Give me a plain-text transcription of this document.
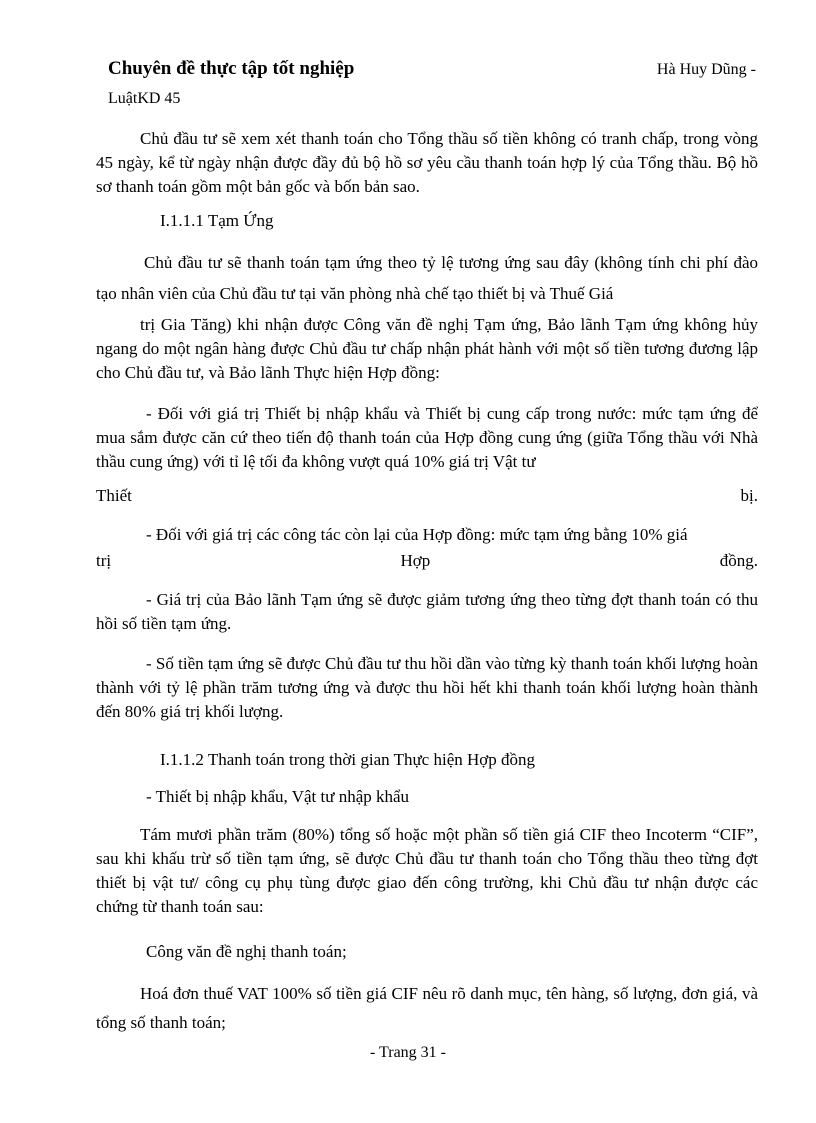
Chuyên đề thực tập tốt nghiệp	Hà Huy Dũng -
LuậtKD 45
Chủ đầu tư sẽ xem xét thanh toán cho Tổng thầu số tiền không có tranh chấp, trong vòng 45 ngày, kể từ ngày nhận được đầy đủ bộ hồ sơ yêu cầu thanh toán hợp lý của Tổng thầu. Bộ hồ sơ thanh toán gồm một bản gốc và bốn bản sao.
I.1.1.1 Tạm Ứng
Chủ đầu tư sẽ thanh toán tạm ứng theo tỷ lệ tương ứng sau đây (không tính chi phí đào tạo nhân viên của Chủ đầu tư tại văn phòng nhà chế tạo thiết bị và Thuế Giá
trị Gia Tăng) khi nhận được Công văn đề nghị Tạm ứng, Bảo lãnh Tạm ứng không hủy ngang do một ngân hàng được Chủ đầu tư chấp nhận phát hành với một số tiền tương đương lập cho Chủ đầu tư, và Bảo lãnh Thực hiện Hợp đồng:
- Đối với giá trị Thiết bị nhập khẩu và Thiết bị cung cấp trong nước: mức tạm ứng để mua sắm được căn cứ theo tiến độ thanh toán của Hợp đồng cung ứng (giữa Tổng thầu với Nhà thầu cung ứng) với tỉ lệ tối đa không vượt quá 10% giá trị Vật tư
Thiết	bị.
- Đối với giá trị các công tác còn lại của Hợp đồng: mức tạm ứng bằng 10% giá
trị	Hợp	đồng.
- Giá trị của Bảo lãnh Tạm ứng sẽ được giảm tương ứng theo từng đợt thanh toán có thu hồi số tiền tạm ứng.
- Số tiền tạm ứng sẽ được Chủ đầu tư thu hồi dần vào từng kỳ thanh toán khối lượng hoàn thành với tỷ lệ phần trăm tương ứng và được thu hồi hết khi thanh toán khối lượng hoàn thành đến 80% giá trị khối lượng.
I.1.1.2 Thanh toán trong thời gian Thực hiện Hợp đồng
- Thiết bị nhập khẩu, Vật tư nhập khẩu
Tám mươi phần trăm (80%) tổng số hoặc một phần số tiền giá CIF theo Incoterm “CIF”, sau khi khấu trừ số tiền tạm ứng, sẽ được Chủ đầu tư thanh toán cho Tổng thầu theo từng đợt thiết bị vật tư/ công cụ phụ tùng được giao đến công trường, khi Chủ đầu tư nhận được các chứng từ thanh toán sau:
Công văn đề nghị thanh toán;
Hoá đơn thuế VAT 100% số tiền giá CIF nêu rõ danh mục, tên hàng, số lượng, đơn giá, và tổng số thanh toán;
- Trang 31 -
